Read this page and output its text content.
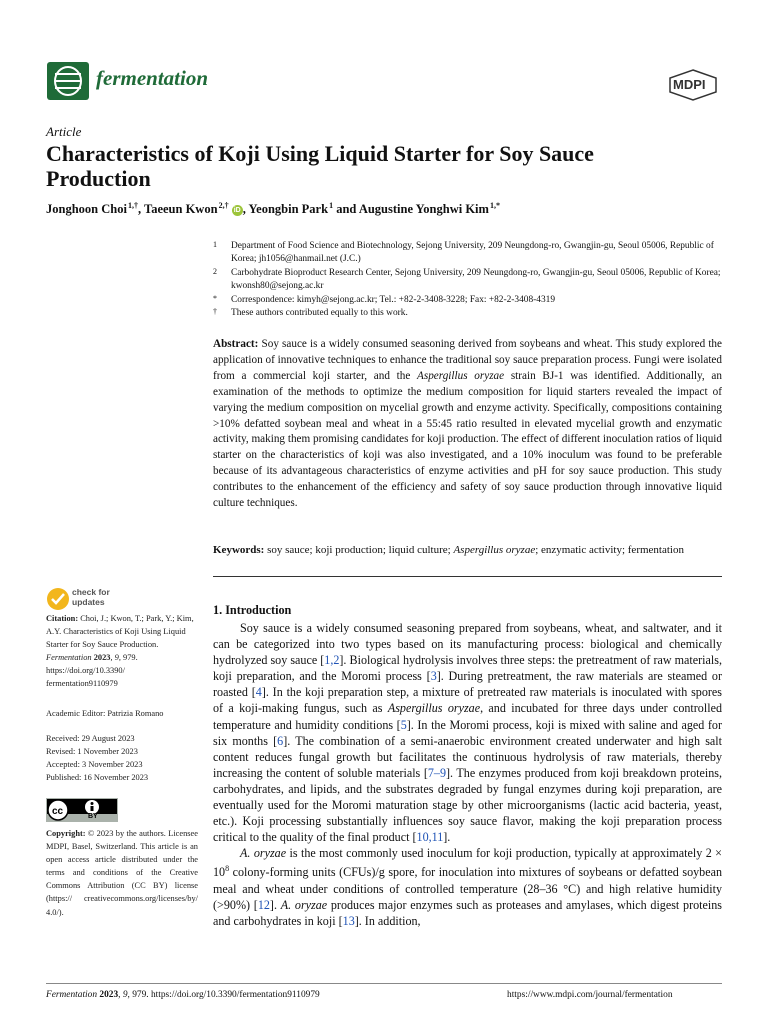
fermentation	MDPI
Article
Characteristics of Koji Using Liquid Starter for Soy Sauce Production
Jonghoon Choi $^{1,\dagger}$, Taeeun Kwon $^{2,\dagger}$ iD , Yeongbin Park $^1$ and Augustine Yonghwi Kim $^{1,*}$
1 Department of Food Science and Biotechnology, Sejong University, 209 Neungdong-ro, Gwangjin-gu, Seoul 05006, Republic of Korea; jh1056@hanmail.net (J.C.)
2 Carbohydrate Bioproduct Research Center, Sejong University, 209 Neungdong-ro, Gwangjin-gu, Seoul 05006, Republic of Korea; kwonsh80@sejong.ac.kr
* Correspondence: kimyh@sejong.ac.kr; Tel.: +82-2-3408-3228; Fax: +82-2-3408-4319
† These authors contributed equally to this work.
Abstract: Soy sauce is a widely consumed seasoning derived from soybeans and wheat. This study explored the application of innovative techniques to enhance the traditional soy sauce preparation process. Fungi were isolated from a commercial koji starter, and the Aspergillus oryzae strain BJ-1 was identified. Additionally, an examination of the methods to optimize the medium composition for liquid starters revealed the impact of varying the medium composition on mycelial growth and enzyme activity. Specifically, compositions containing >10% defatted soybean meal and wheat in a 55:45 ratio resulted in elevated mycelial growth and enzymatic activity, making them promising candidates for koji production. The effect of different inoculation ratios of liquid starter on the characteristics of koji was also investigated, and a 10% inoculum was found to be preferable because of its advantageous characteristics of enzyme activities and pH for soy sauce production. This study contributes to the enhancement of the efficiency and safety of soy sauce production through innovative liquid culture techniques.
Keywords: soy sauce; koji production; liquid culture; Aspergillus oryzae; enzymatic activity; fermentation
check for
updates
Citation: Choi, J.; Kwon, T.; Park, Y.; Kim, A.Y. Characteristics of Koji Using Liquid Starter for Soy Sauce Production. Fermentation 2023, 9, 979. https://doi.org/10.3390/ fermentation9110979
Academic Editor: Patrizia Romano
Received: 29 August 2023
Revised: 1 November 2023
Accepted: 3 November 2023
Published: 16 November 2023
cc	BY
Copyright: © 2023 by the authors. Licensee MDPI, Basel, Switzerland. This article is an open access article distributed under the terms and conditions of the Creative Commons Attribution (CC BY) license (https:// creativecommons.org/licenses/by/ 4.0/).
1. Introduction

Soy sauce is a widely consumed seasoning prepared from soybeans, wheat, and saltwater, and it can be categorized into two types based on its manufacturing process: biological and chemically hydrolyzed soy sauce [1,2]. Biological hydrolysis involves three steps: the pretreatment of raw materials, koji preparation, and the Moromi process [3]. During pretreatment, the raw materials are steamed or roasted [4]. In the koji preparation step, a mixture of pretreated raw materials is inoculated with spores of a koji-making fungus, such as Aspergillus oryzae, and incubated for three days under controlled temperature and humidity conditions [5]. In the Moromi process, koji is mixed with saline and aged for six months [6]. The combination of a semi-anaerobic environment created underwater and high salt content reduces fungal growth but facilitates the continuous hydrolysis of raw materials, thereby increasing the content of soluble materials [7–9]. The enzymes produced from koji breakdown proteins, carbohydrates, and lipids, and the substrates degraded by fungal enzymes during koji preparation, are eventually used for the Moromi maturation stage by other microorganisms (lactic acid bacteria, yeast, etc.). Koji processing substantially influences soy sauce flavor, making the koji preparation process critical to the quality of the final product [10,11].

A. oryzae is the most commonly used inoculum for koji production, typically at approximately $2 \times 10^8$ colony-forming units (CFUs)/g spore, for inoculation into mixtures of soybeans or defatted soybean meal and wheat under conditions of controlled temperature (28–36 °C) and high relative humidity (>90%) [12]. A. oryzae produces major enzymes such as proteases and amylases, which digest proteins and carbohydrates in koji [13]. In addition,

Fermentation 2023, 9, 979. https://doi.org/10.3390/fermentation9110979	https://www.mdpi.com/journal/fermentation
